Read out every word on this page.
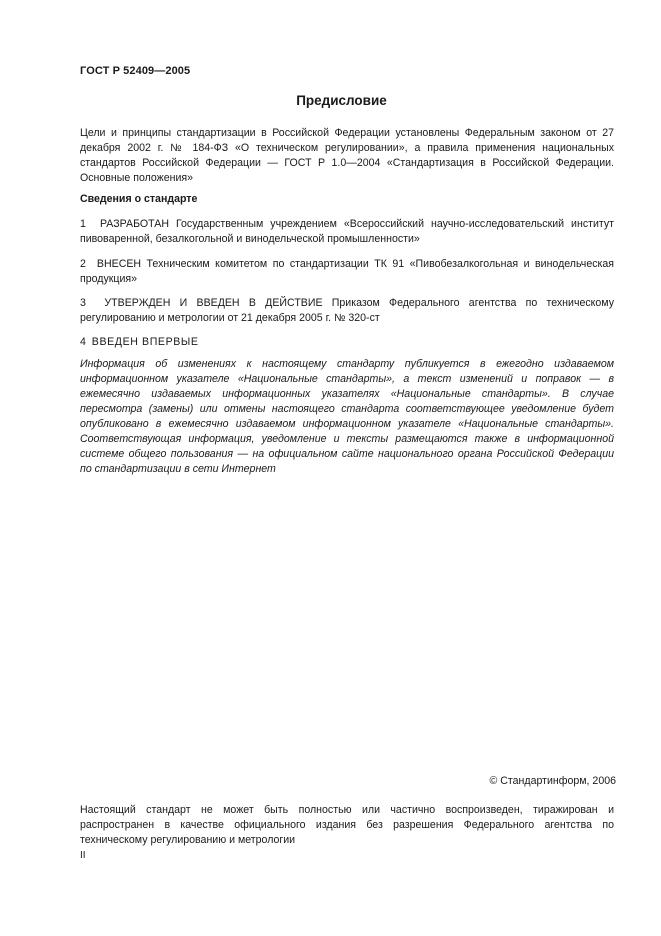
ГОСТ Р 52409—2005
Предисловие

Цели и принципы стандартизации в Российской Федерации установлены Федеральным законом от 27 декабря 2002 г. № 184-ФЗ «О техническом регулировании», а правила применения национальных стандартов Российской Федерации — ГОСТ Р 1.0—2004 «Стандартизация в Российской Федерации. Основные положения»

Сведения о стандарте

1 РАЗРАБОТАН Государственным учреждением «Всероссийский научно-исследовательский институт пивоваренной, безалкогольной и винодельческой промышленности»

2 ВНЕСЕН Техническим комитетом по стандартизации ТК 91 «Пивобезалкогольная и винодельческая продукция»

3 УТВЕРЖДЕН И ВВЕДЕН В ДЕЙСТВИЕ Приказом Федерального агентства по техническому регулированию и метрологии от 21 декабря 2005 г. № 320-ст

4 ВВЕДЕН ВПЕРВЫЕ

Информация об изменениях к настоящему стандарту публикуется в ежегодно издаваемом информационном указателе «Национальные стандарты», а текст изменений и поправок — в ежемесячно издаваемых информационных указателях «Национальные стандарты». В случае пересмотра (замены) или отмены настоящего стандарта соответствующее уведомление будет опубликовано в ежемесячно издаваемом информационном указателе «Национальные стандарты». Соответствующая информация, уведомление и тексты размещаются также в информационной системе общего пользования — на официальном сайте национального органа Российской Федерации по стандартизации в сети Интернет

© Стандартинформ, 2006

Настоящий стандарт не может быть полностью или частично воспроизведен, тиражирован и распространен в качестве официального издания без разрешения Федерального агентства по техническому регулированию и метрологии

II
